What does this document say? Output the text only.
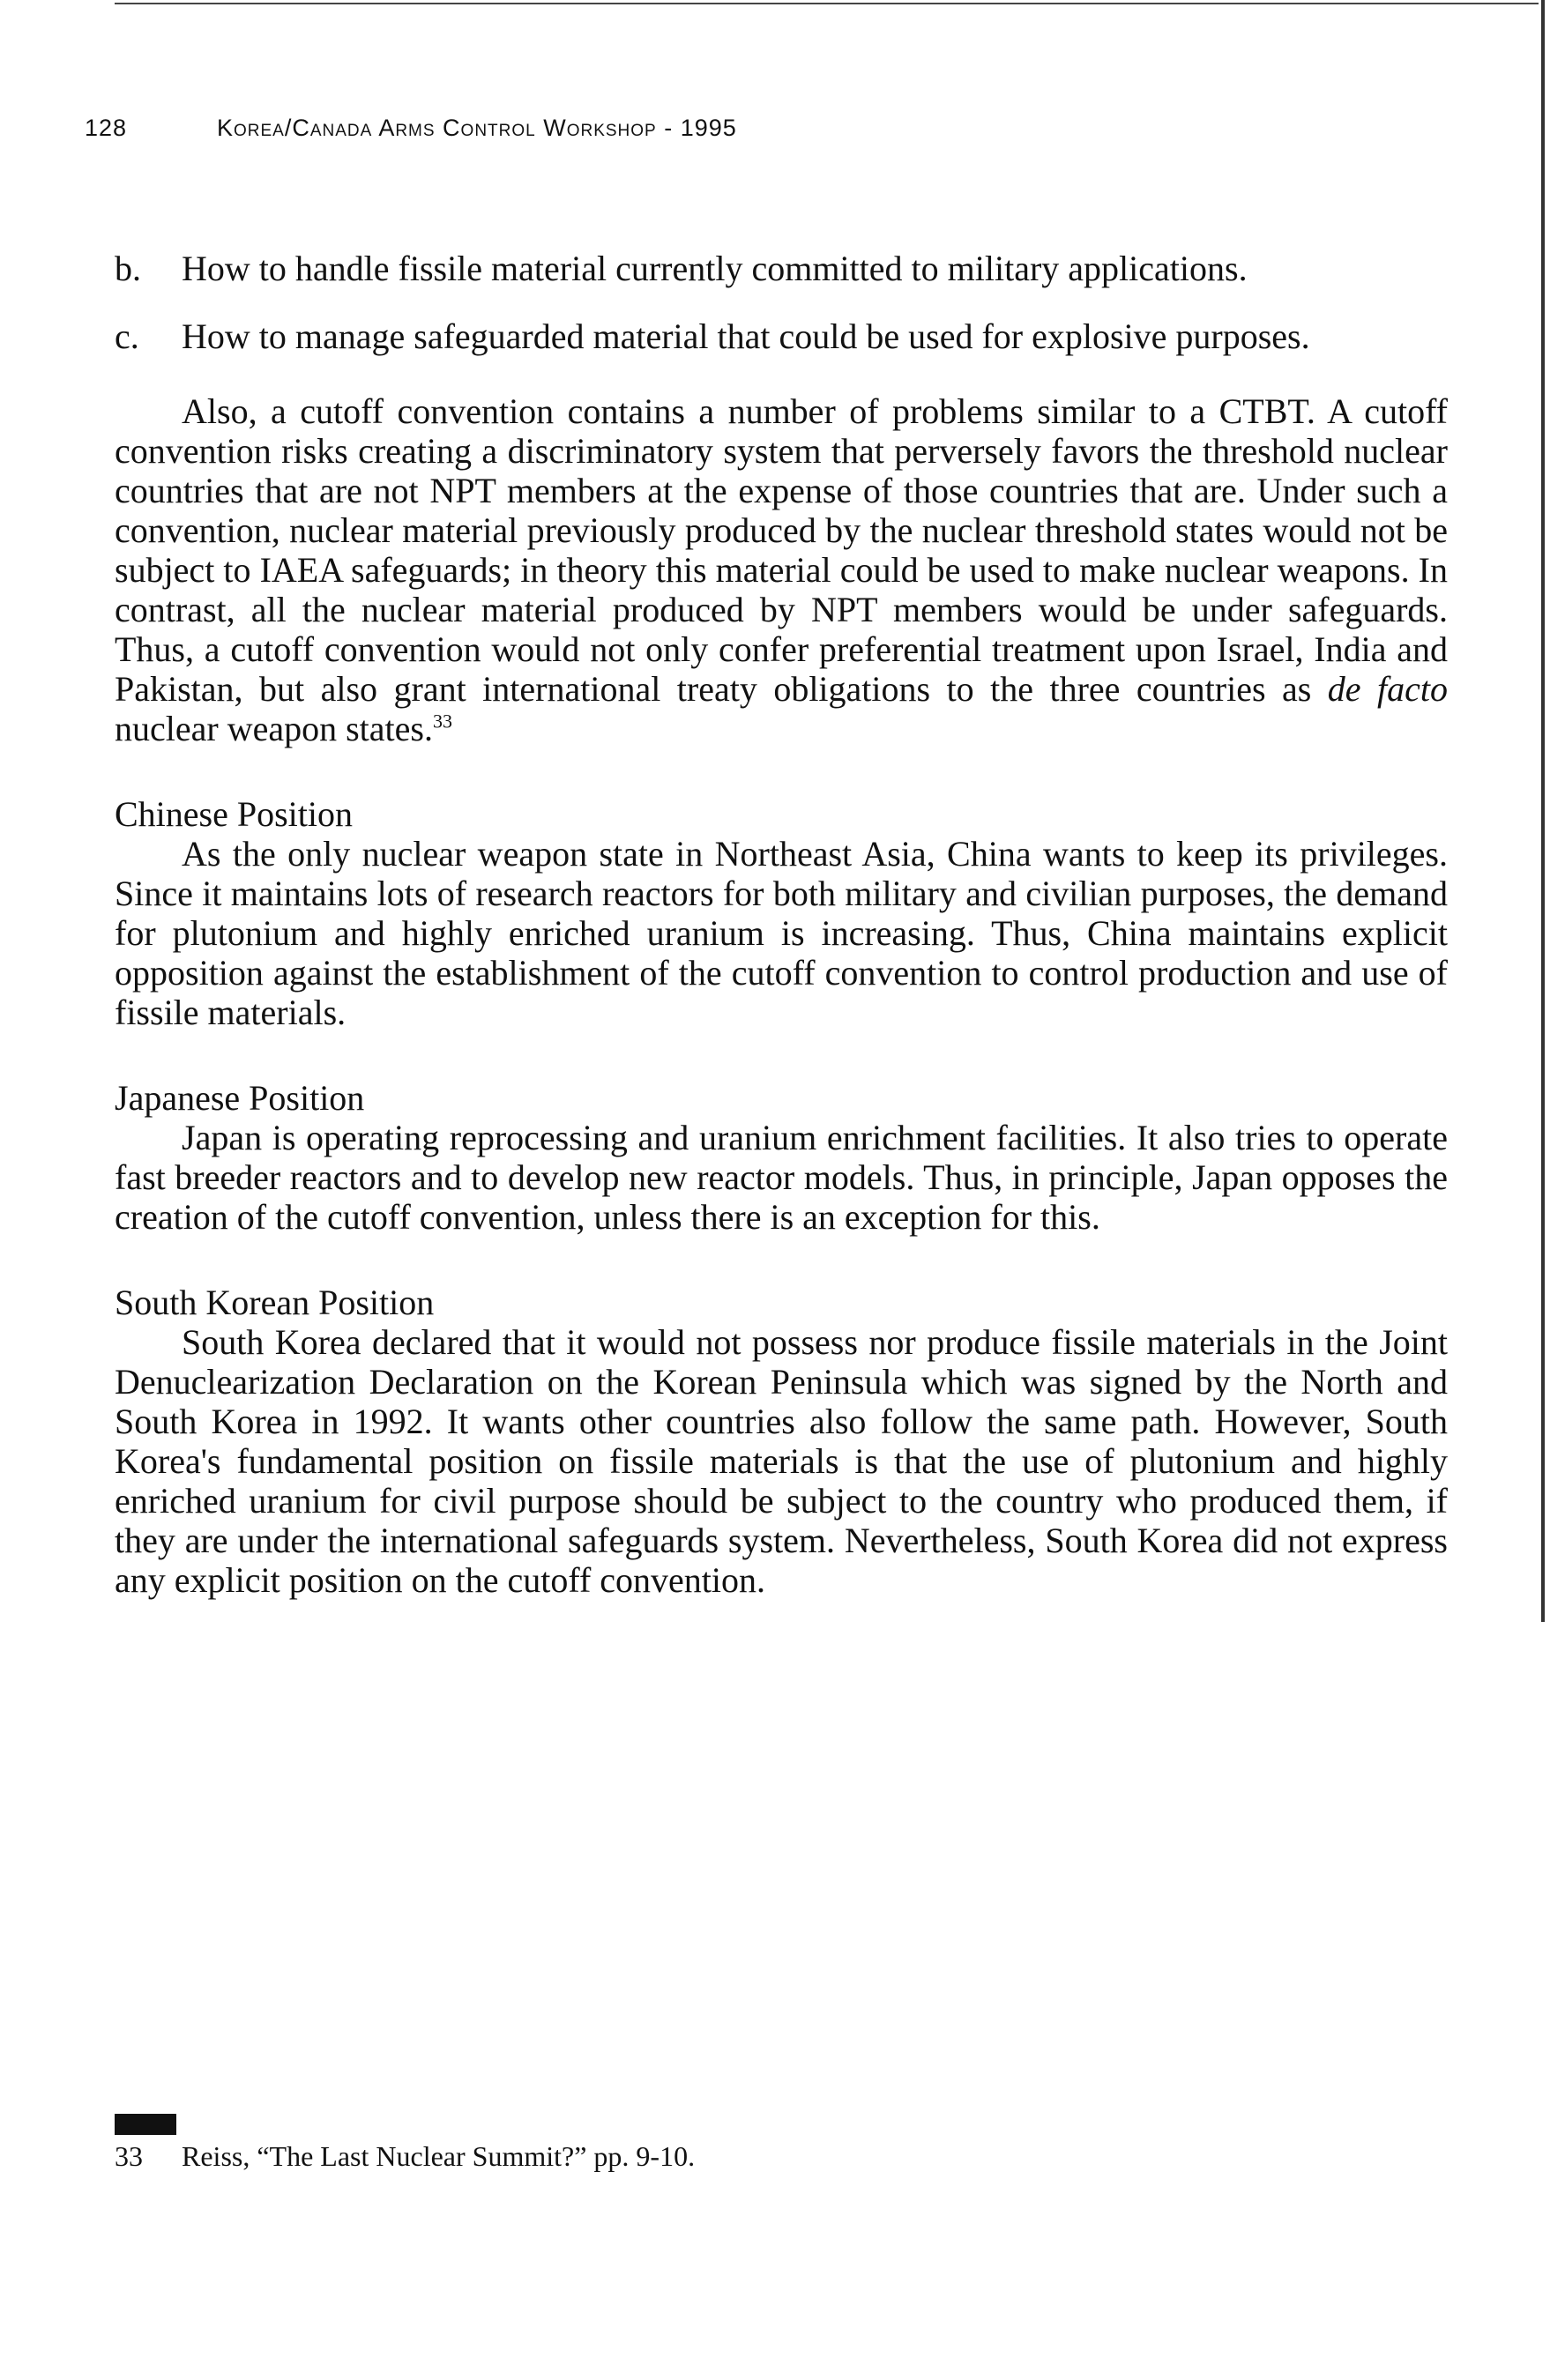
128	Korea/Canada Arms Control Workshop - 1995
b.	How to handle fissile material currently committed to military applications.
c.	How to manage safeguarded material that could be used for explosive purposes.

Also, a cutoff convention contains a number of problems similar to a CTBT. A cutoff convention risks creating a discriminatory system that perversely favors the threshold nuclear countries that are not NPT members at the expense of those countries that are. Under such a convention, nuclear material previously produced by the nuclear threshold states would not be subject to IAEA safeguards; in theory this material could be used to make nuclear weapons. In contrast, all the nuclear material produced by NPT members would be under safeguards. Thus, a cutoff convention would not only confer preferential treatment upon Israel, India and Pakistan, but also grant international treaty obligations to the three countries as de facto nuclear weapon states.$^{33}$

Chinese Position

As the only nuclear weapon state in Northeast Asia, China wants to keep its privileges. Since it maintains lots of research reactors for both military and civilian purposes, the demand for plutonium and highly enriched uranium is increasing. Thus, China maintains explicit opposition against the establishment of the cutoff convention to control production and use of fissile materials.

Japanese Position

Japan is operating reprocessing and uranium enrichment facilities. It also tries to operate fast breeder reactors and to develop new reactor models. Thus, in principle, Japan opposes the creation of the cutoff convention, unless there is an exception for this.

South Korean Position

South Korea declared that it would not possess nor produce fissile materials in the Joint Denuclearization Declaration on the Korean Peninsula which was signed by the North and South Korea in 1992. It wants other countries also follow the same path. However, South Korea's fundamental position on fissile materials is that the use of plutonium and highly enriched uranium for civil purpose should be subject to the country who produced them, if they are under the international safeguards system. Nevertheless, South Korea did not express any explicit position on the cutoff convention.

33	Reiss, “The Last Nuclear Summit?” pp. 9-10.
